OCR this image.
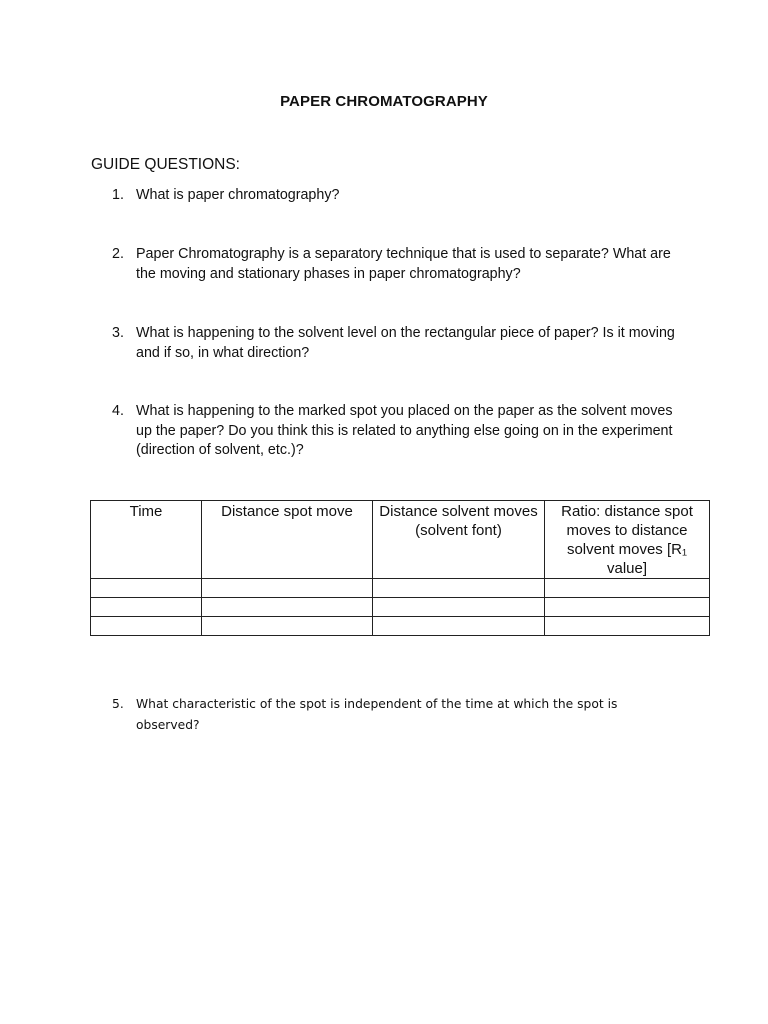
PAPER CHROMATOGRAPHY
GUIDE QUESTIONS:
1. What is paper chromatography?
2. Paper Chromatography is a separatory technique that is used to separate? What are the moving and stationary phases in paper chromatography?
3. What is happening to the solvent level on the rectangular piece of paper? Is it moving and if so, in what direction?
4. What is happening to the marked spot you placed on the paper as the solvent moves up the paper? Do you think this is related to anything else going on in the experiment (direction of solvent, etc.)?
Time	Distance spot move	Distance solvent moves (solvent font)	Ratio: distance spot moves to distance solvent moves [R₁ value]

5. What characteristic of the spot is independent of the time at which the spot is observed?
